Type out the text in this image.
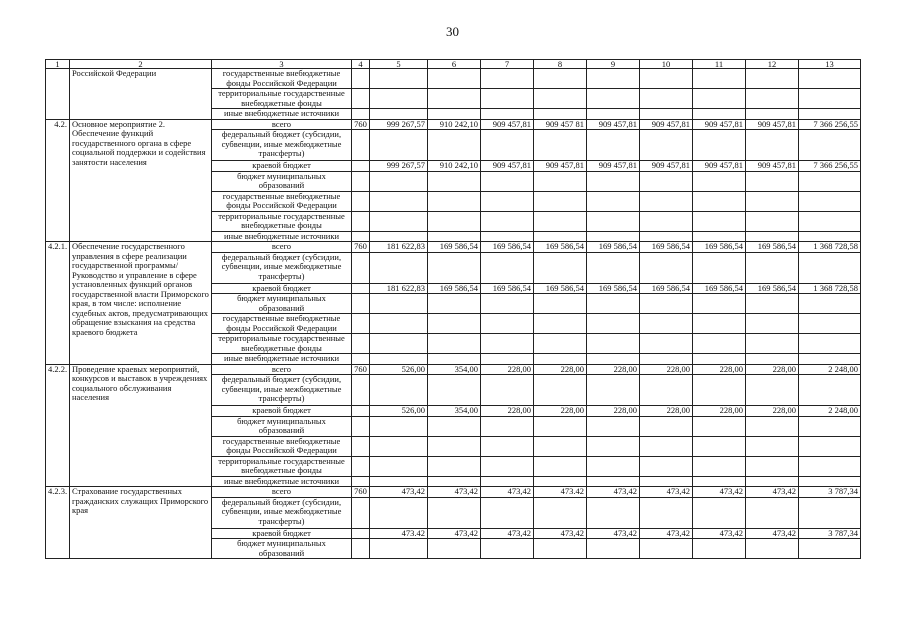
30
1	2	3	4	5	6	7	8	9	10	11	12	13
	Российской Федерации	государственные внебюджетные фонды Российской Федерации										
		территориальные государственные внебюджетные фонды										
		иные внебюджетные источники										
4.2.	Основное мероприятие 2. Обеспечение функций государственного органа в сфере социальной поддержки и содействия занятости населения	всего	760	999 267,57	910 242,10	909 457,81	909 457 81	909 457,81	909 457,81	909 457,81	909 457,81	7 366 256,55
		федеральный бюджет (субсидии, субвенции, иные межбюджетные трансферты)										
		краевой бюджет		999 267,57	910 242,10	909 457,81	909 457,81	909 457,81	909 457,81	909 457,81	909 457,81	7 366 256,55
		бюджет муниципальных образований										
		государственные внебюджетные фонды Российской Федерации										
		территориальные государственные внебюджетные фонды										
		иные внебюджетные источники										
4.2.1.	Обеспечение государственного управления в сфере реализации государственной программы/ Руководство и управление в сфере установленных функций органов государственной власти Приморского края, в том числе: исполнение судебных актов, предусматривающих обращение взыскания на средства краевого бюджета	всего	760	181 622,83	169 586,54	169 586,54	169 586,54	169 586,54	169 586,54	169 586,54	169 586,54	1 368 728,58
		федеральный бюджет (субсидии, субвенции, иные межбюджетные трансферты)										
		краевой бюджет		181 622,83	169 586,54	169 586,54	169 586,54	169 586,54	169 586,54	169 586,54	169 586,54	1 368 728,58
		бюджет муниципальных образований										
		государственные внебюджетные фонды Российской Федерации										
		территориальные государственные внебюджетные фонды										
		иные внебюджетные источники										
4.2.2.	Проведение краевых мероприятий, конкурсов и выставок в учреждениях социального обслуживания населения	всего	760	526,00	354,00	228,00	228,00	228,00	228,00	228,00	228,00	2 248,00
		федеральный бюджет (субсидии, субвенции, иные межбюджетные трансферты)										
		краевой бюджет		526,00	354,00	228,00	228,00	228,00	228,00	228,00	228,00	2 248,00
		бюджет муниципальных образований										
		государственные внебюджетные фонды Российской Федерации										
		территориальные государственные внебюджетные фонды										
		иные внебюджетные источники										
4.2.3.	Страхование государственных гражданских служащих Приморского края	всего	760	473,42	473,42	473,42	473.42	473,42	473,42	473,42	473,42	3 787,34
		федеральный бюджет (субсидии, субвенции, иные межбюджетные трансферты)										
		краевой бюджет		473.42	473,42	473,42	473,42	473,42	473,42	473,42	473,42	3 787,34
		бюджет муниципальных образований										
